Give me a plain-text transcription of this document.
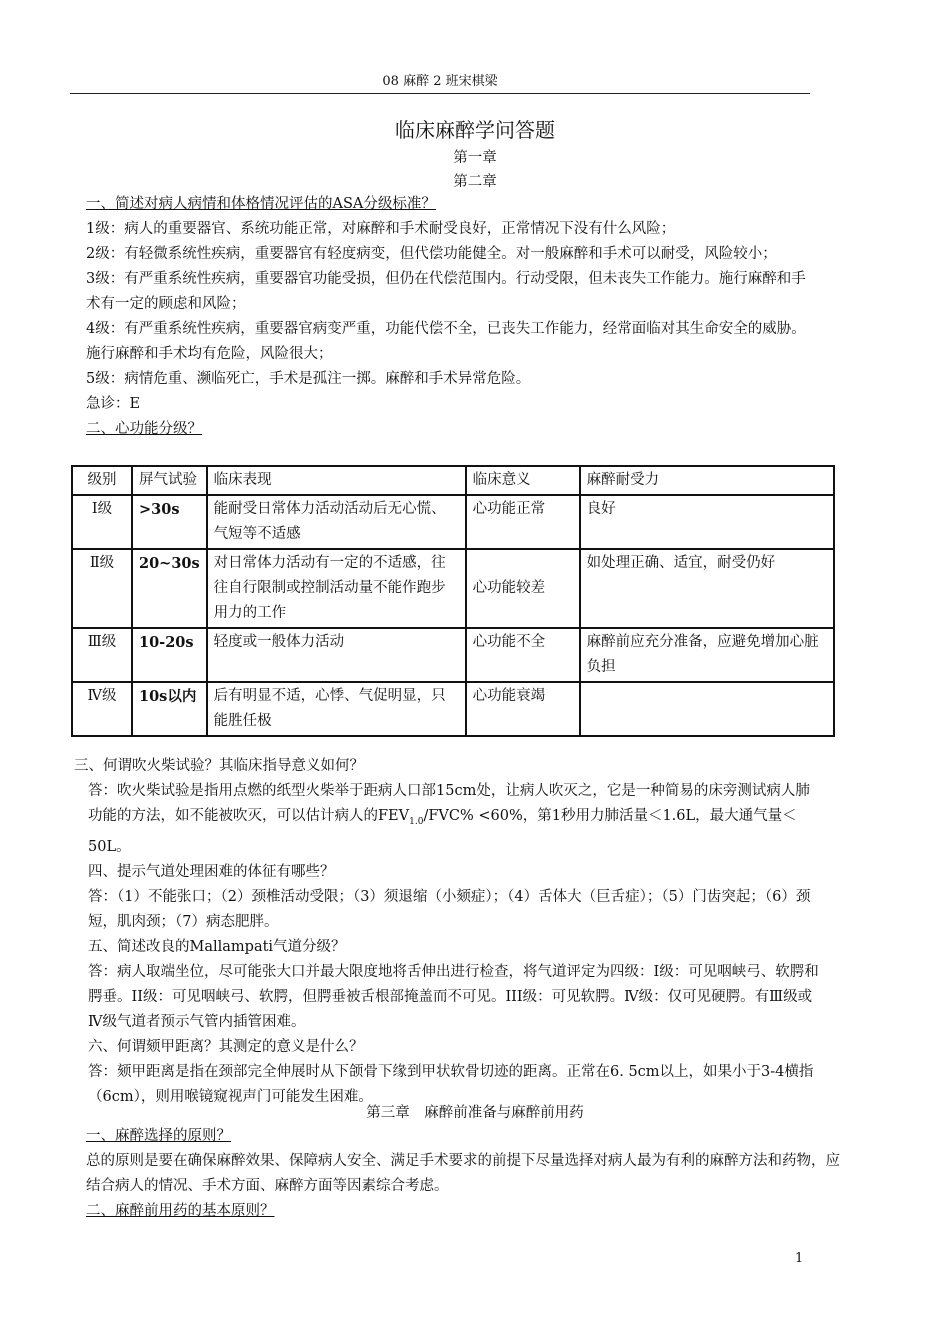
08 麻醉 2 班宋棋梁
临床麻醉学问答题
第一章
第二章
一、简述对病人病情和体格情况评估的ASA分级标准？
1级：病人的重要器官、系统功能正常，对麻醉和手术耐受良好，正常情况下没有什么风险；
2级：有轻微系统性疾病，重要器官有轻度病变，但代偿功能健全。对一般麻醉和手术可以耐受，风险较小；
3级：有严重系统性疾病，重要器官功能受损，但仍在代偿范围内。行动受限，但未丧失工作能力。施行麻醉和手术有一定的顾虑和风险；
4级：有严重系统性疾病，重要器官病变严重，功能代偿不全，已丧失工作能力，经常面临对其生命安全的威胁。施行麻醉和手术均有危险，风险很大；
5级：病情危重、濒临死亡，手术是孤注一掷。麻醉和手术异常危险。
急诊：E
二、心功能分级？
级别	屏气试验	临床表现	临床意义	麻醉耐受力
Ⅰ级	>30s	能耐受日常体力活动活动后无心慌、气短等不适感	心功能正常	良好
Ⅱ级	20~30s	对日常体力活动有一定的不适感，往往自行限制或控制活动量不能作跑步用力的工作	心功能较差	如处理正确、适宜，耐受仍好
Ⅲ级	10-20s	轻度或一般体力活动	心功能不全	麻醉前应充分准备，应避免增加心脏负担
Ⅳ级	10s以内	后有明显不适，心悸、气促明显，只能胜任极	心功能衰竭	
三、何谓吹火柴试验？其临床指导意义如何？
答：吹火柴试验是指用点燃的纸型火柴举于距病人口部15cm处，让病人吹灭之，它是一种简易的床旁测试病人肺功能的方法，如不能被吹灭，可以估计病人的$FEV_{1.0}/FVC\% <60\%$，第1秒用力肺活量＜1.6L，最大通气量＜50L。
四、提示气道处理困难的体征有哪些？
答：（1）不能张口；（2）颈椎活动受限；（3）须退缩（小颏症）；（4）舌体大（巨舌症）；（5）门齿突起；（6）颈短，肌肉颈；（7）病态肥胖。
五、简述改良的Mallampati气道分级？
答：病人取端坐位，尽可能张大口并最大限度地将舌伸出进行检查，将气道评定为四级：I级：可见咽峡弓、软腭和腭垂。II级：可见咽峡弓、软腭，但腭垂被舌根部掩盖而不可见。III级：可见软腭。Ⅳ级：仅可见硬腭。有Ⅲ级或Ⅳ级气道者预示气管内插管困难。
六、何谓颏甲距离？其测定的意义是什么？
答：颏甲距离是指在颈部完全伸展时从下颌骨下缘到甲状软骨切迹的距离。正常在6. 5cm以上，如果小于3-4横指（6cm），则用喉镜窥视声门可能发生困难。
第三章　麻醉前准备与麻醉前用药
一、麻醉选择的原则？
总的原则是要在确保麻醉效果、保障病人安全、满足手术要求的前提下尽量选择对病人最为有利的麻醉方法和药物，应结合病人的情况、手术方面、麻醉方面等因素综合考虑。
二、麻醉前用药的基本原则？
1
